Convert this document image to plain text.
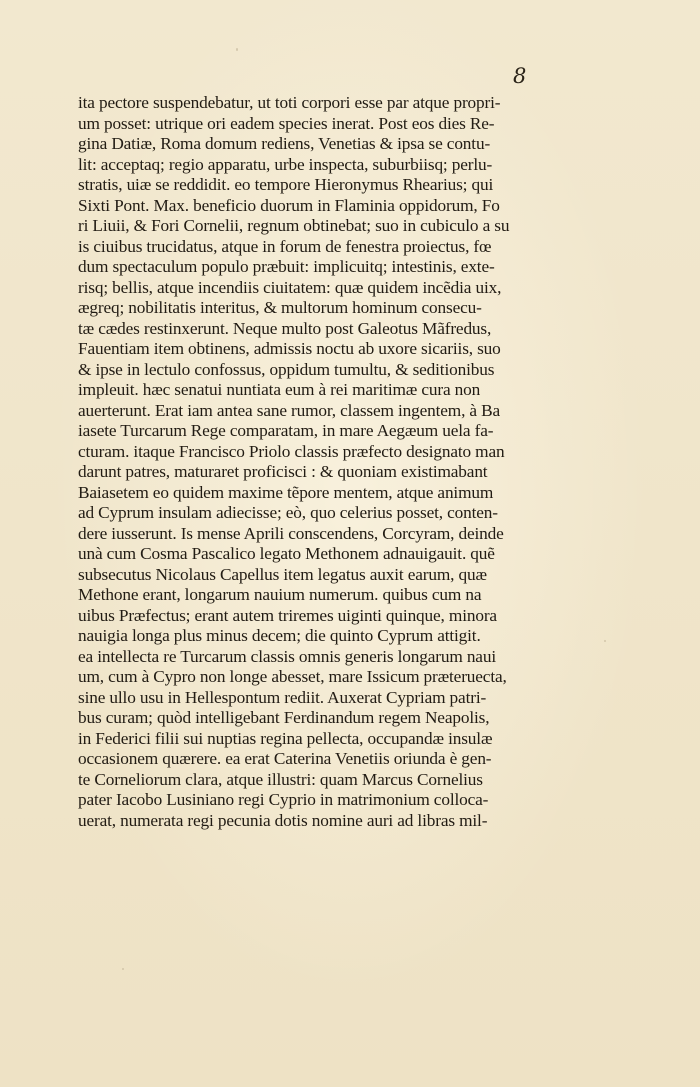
8
ita pectore suspendebatur, ut toti corpori esse par atque propri-
um posset: utrique ori eadem species inerat. Post eos dies Re-
gina Datiæ, Roma domum rediens, Venetias & ipsa se contu-
lit: acceptaq; regio apparatu, urbe inspecta, suburbiisq; perlu-
stratis, uiæ se reddidit. eo tempore Hieronymus Rhearius; qui
Sixti Pont. Max. beneficio duorum in Flaminia oppidorum, Fo
ri Liuii, & Fori Cornelii, regnum obtinebat; suo in cubiculo a su
is ciuibus trucidatus, atque in forum de fenestra proiectus, fœ
dum spectaculum populo præbuit: implicuitq; intestinis, exte-
risq; bellis, atque incendiis ciuitatem: quæ quidem incẽdia uix,
ægreq; nobilitatis interitus, & multorum hominum consecu-
tæ cædes restinxerunt. Neque multo post Galeotus Mãfredus,
Fauentiam item obtinens, admissis noctu ab uxore sicariis, suo
& ipse in lectulo confossus, oppidum tumultu, & seditionibus
impleuit. hæc senatui nuntiata eum à rei maritimæ cura non
auerterunt. Erat iam antea sane rumor, classem ingentem, à Ba
iasete Turcarum Rege comparatam, in mare Aegæum uela fa-
cturam. itaque Francisco Priolo classis præfecto designato man
darunt patres, maturaret proficisci : & quoniam existimabant
Baiasetem eo quidem maxime tẽpore mentem, atque animum
ad Cyprum insulam adiecisse; eò, quo celerius posset, conten-
dere iusserunt. Is mense Aprili conscendens, Corcyram, deinde
unà cum Cosma Pascalico legato Methonem adnauigauit. quẽ
subsecutus Nicolaus Capellus item legatus auxit earum, quæ
Methone erant, longarum nauium numerum. quibus cum na
uibus Præfectus; erant autem triremes uiginti quinque, minora
nauigia longa plus minus decem; die quinto Cyprum attigit.
ea intellecta re Turcarum classis omnis generis longarum naui
um, cum à Cypro non longe abesset, mare Issicum præteruecta,
sine ullo usu in Hellespontum rediit. Auxerat Cypriam patri-
bus curam; quòd intelligebant Ferdinandum regem Neapolis,
in Federici filii sui nuptias regina pellecta, occupandæ insulæ
occasionem quærere. ea erat Caterina Venetiis oriunda è gen-
te Corneliorum clara, atque illustri: quam Marcus Cornelius
pater Iacobo Lusiniano regi Cyprio in matrimonium colloca-
uerat, numerata regi pecunia dotis nomine auri ad libras mil-
